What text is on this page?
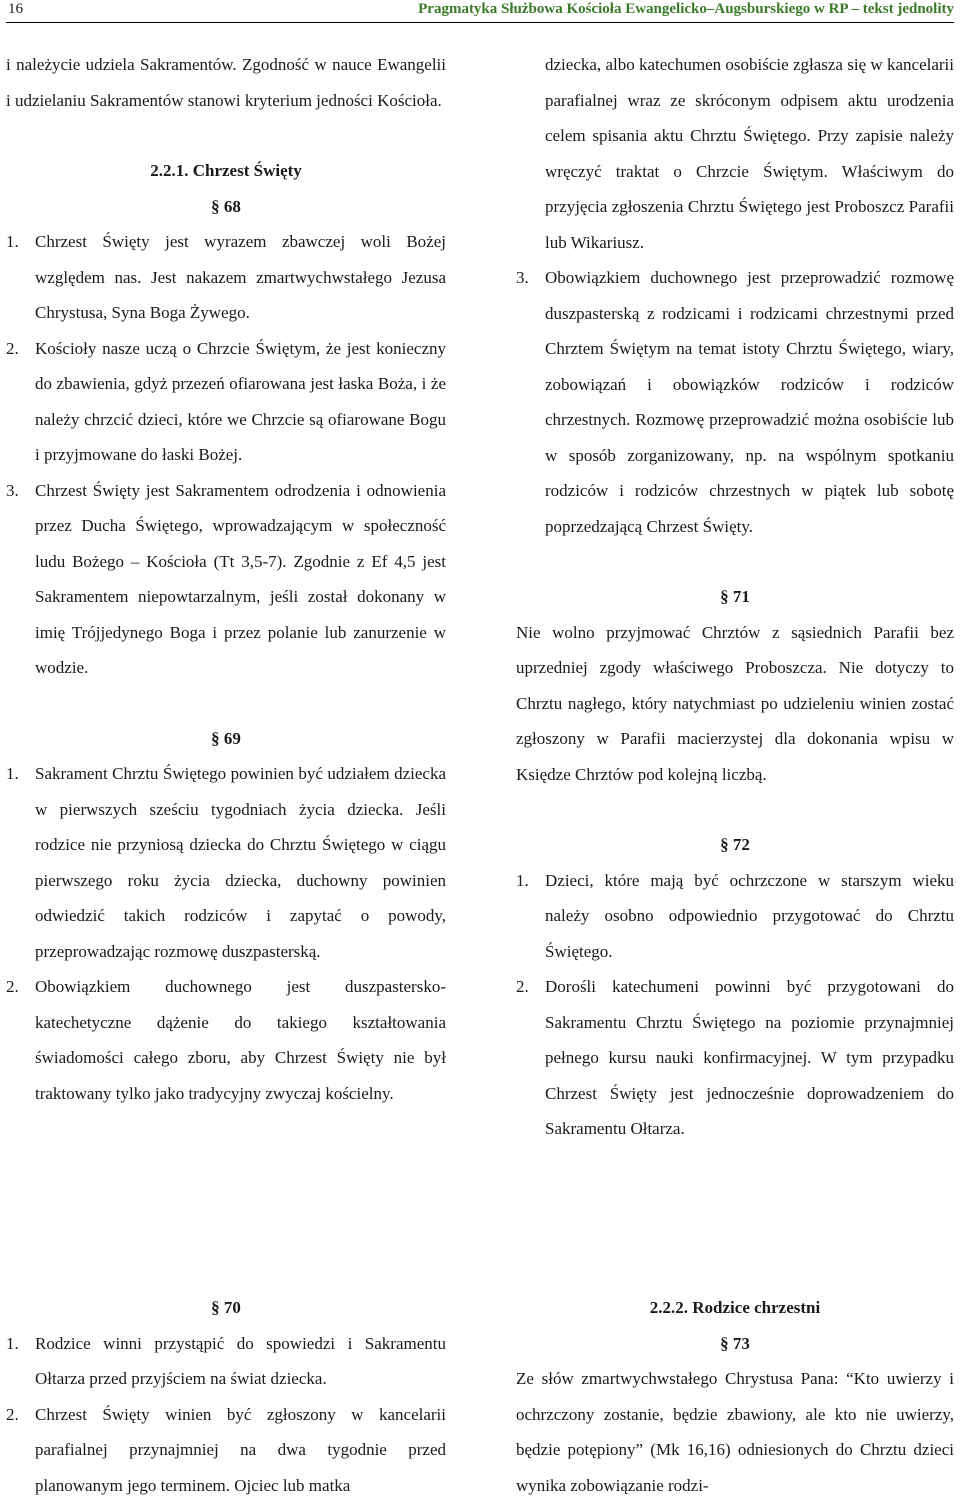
16	Pragmatyka Służbowa Kościoła Ewangelicko–Augsburskiego w RP – tekst jednolity

i należycie udziela Sakramentów. Zgodność w nauce Ewangelii i udzielaniu Sakramentów stanowi kryterium jedności Kościoła.

2.2.1. Chrzest Święty

§ 68

1. Chrzest Święty jest wyrazem zbawczej woli Bożej względem nas. Jest nakazem zmartwychwstałego Jezusa Chrystusa, Syna Boga Żywego.
2. Kościoły nasze uczą o Chrzcie Świętym, że jest konieczny do zbawienia, gdyż przezeń ofiarowana jest łaska Boża, i że należy chrzcić dzieci, które we Chrzcie są ofiarowane Bogu i przyjmowane do łaski Bożej.
3. Chrzest Święty jest Sakramentem odrodzenia i odnowienia przez Ducha Świętego, wprowadzającym w społeczność ludu Bożego – Kościoła (Tt 3,5-7). Zgodnie z Ef 4,5 jest Sakramentem niepowtarzalnym, jeśli został dokonany w imię Trójjedynego Boga i przez polanie lub zanurzenie w wodzie.

§ 69

1. Sakrament Chrztu Świętego powinien być udziałem dziecka w pierwszych sześciu tygodniach życia dziecka. Jeśli rodzice nie przyniosą dziecka do Chrztu Świętego w ciągu pierwszego roku życia dziecka, duchowny powinien odwiedzić takich rodziców i zapytać o powody, przeprowadzając rozmowę duszpasterską.
2. Obowiązkiem duchownego jest duszpastersko-katechetyczne dążenie do takiego kształtowania świadomości całego zboru, aby Chrzest Święty nie był traktowany tylko jako tradycyjny zwyczaj kościelny.

dziecka, albo katechumen osobiście zgłasza się w kancelarii parafialnej wraz ze skróconym odpisem aktu urodzenia celem spisania aktu Chrztu Świętego. Przy zapisie należy wręczyć traktat o Chrzcie Świętym. Właściwym do przyjęcia zgłoszenia Chrztu Świętego jest Proboszcz Parafii lub Wikariusz.

3. Obowiązkiem duchownego jest przeprowadzić rozmowę duszpasterską z rodzicami i rodzicami chrzestnymi przed Chrztem Świętym na temat istoty Chrztu Świętego, wiary, zobowiązań i obowiązków rodziców i rodziców chrzestnych. Rozmowę przeprowadzić można osobiście lub w sposób zorganizowany, np. na wspólnym spotkaniu rodziców i rodziców chrzestnych w piątek lub sobotę poprzedzającą Chrzest Święty.

§ 71

Nie wolno przyjmować Chrztów z sąsiednich Parafii bez uprzedniej zgody właściwego Proboszcza. Nie dotyczy to Chrztu nagłego, który natychmiast po udzieleniu winien zostać zgłoszony w Parafii macierzystej dla dokonania wpisu w Księdze Chrztów pod kolejną liczbą.

§ 72

1. Dzieci, które mają być ochrzczone w starszym wieku należy osobno odpowiednio przygotować do Chrztu Świętego.
2. Dorośli katechumeni powinni być przygotowani do Sakramentu Chrztu Świętego na poziomie przynajmniej pełnego kursu nauki konfirmacyjnej. W tym przypadku Chrzest Święty jest jednocześnie doprowadzeniem do Sakramentu Ołtarza.

§ 70

1. Rodzice winni przystąpić do spowiedzi i Sakramentu Ołtarza przed przyjściem na świat dziecka.
2. Chrzest Święty winien być zgłoszony w kancelarii parafialnej przynajmniej na dwa tygodnie przed planowanym jego terminem. Ojciec lub matka

2.2.2. Rodzice chrzestni

§ 73

Ze słów zmartwychwstałego Chrystusa Pana: “Kto uwierzy i ochrzczony zostanie, będzie zbawiony, ale kto nie uwierzy, będzie potępiony” (Mk 16,16) odniesionych do Chrztu dzieci wynika zobowiązanie rodzi-
